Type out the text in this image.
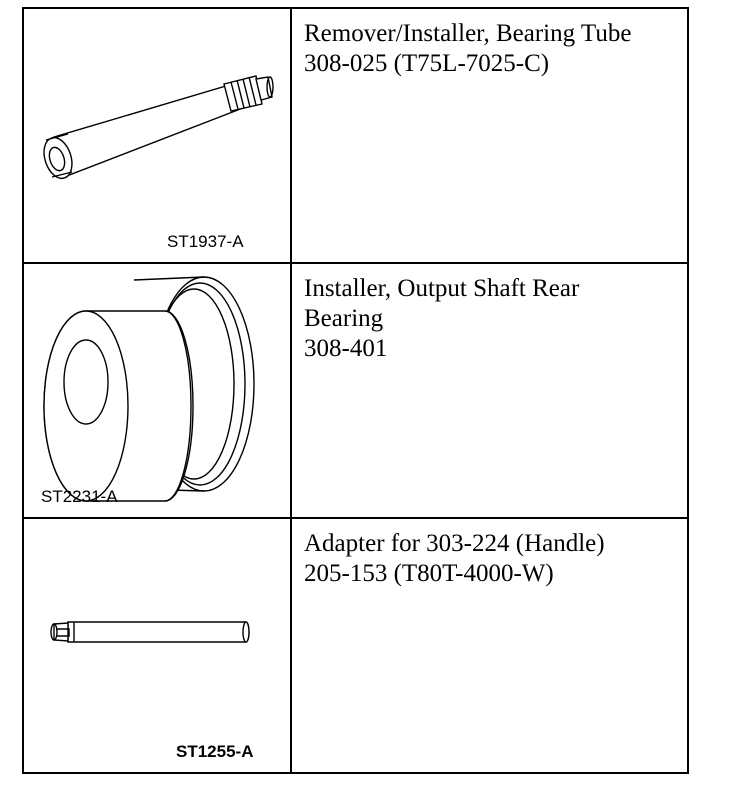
ST1937-A	Remover/Installer, Bearing Tube
308-025 (T75L-7025-C)

ST2231-A	Installer, Output Shaft Rear
Bearing
308-401

ST1255-A	Adapter for 303-224 (Handle)
205-153 (T80T-4000-W)
